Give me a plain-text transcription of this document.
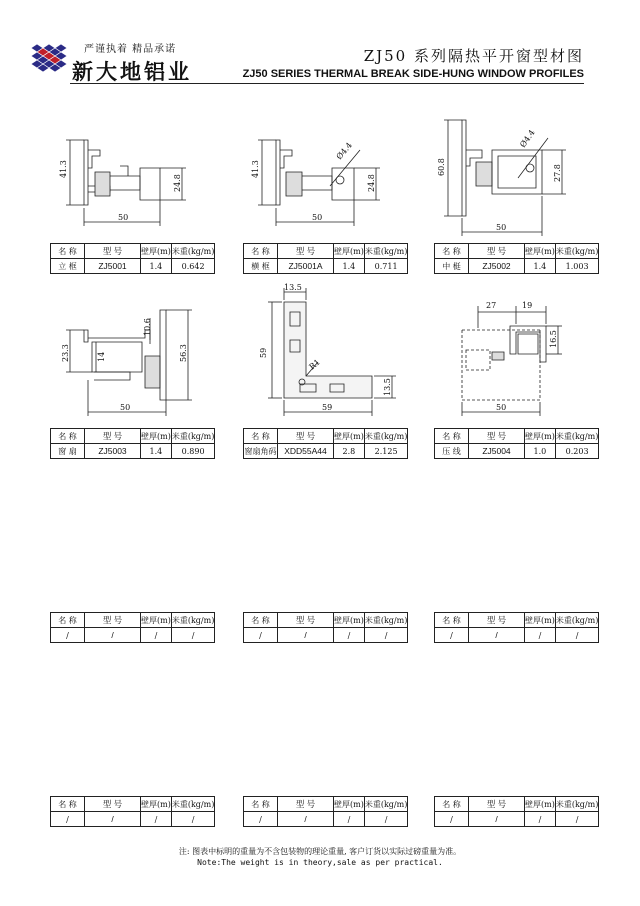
严谨执着 精品承诺
新大地铝业
ZJ50 系列隔热平开窗型材图
ZJ50 SERIES THERMAL BREAK SIDE-HUNG WINDOW PROFILES
41.3
24.8
50
41.3
24.8
50
Ø4.4
60.8	27.8
50
Ø4.4
23.3	14
10.6
56.3
50
13.5
59
R1
13.5
59
27	19
16.5
50
名 称	型 号	壁厚(m)	米重(kg/m)
立 框	ZJ5001	1.4	0.642
名 称	型 号	壁厚(m)	米重(kg/m)
横 框	ZJ5001A	1.4	0.711
名 称	型 号	壁厚(m)	米重(kg/m)
中 梃	ZJ5002	1.4	1.003
名 称	型 号	壁厚(m)	米重(kg/m)
窗 扇	ZJ5003	1.4	0.890
名 称	型 号	壁厚(m)	米重(kg/m)
窗扇角码	XDD55A44	2.8	2.125
名 称	型 号	壁厚(m)	米重(kg/m)
压 线	ZJ5004	1.0	0.203
名 称	型 号	壁厚(m)	米重(kg/m)
/	/	/	/
名 称	型 号	壁厚(m)	米重(kg/m)
/	/	/	/
名 称	型 号	壁厚(m)	米重(kg/m)
/	/	/	/
名 称	型 号	壁厚(m)	米重(kg/m)
/	/	/	/
名 称	型 号	壁厚(m)	米重(kg/m)
/	/	/	/
名 称	型 号	壁厚(m)	米重(kg/m)
/	/	/	/
注: 图表中标明的重量为不含包装物的理论重量, 客户订货以实际过磅重量为准。
Note:The weight is in theory,sale as per practical.
